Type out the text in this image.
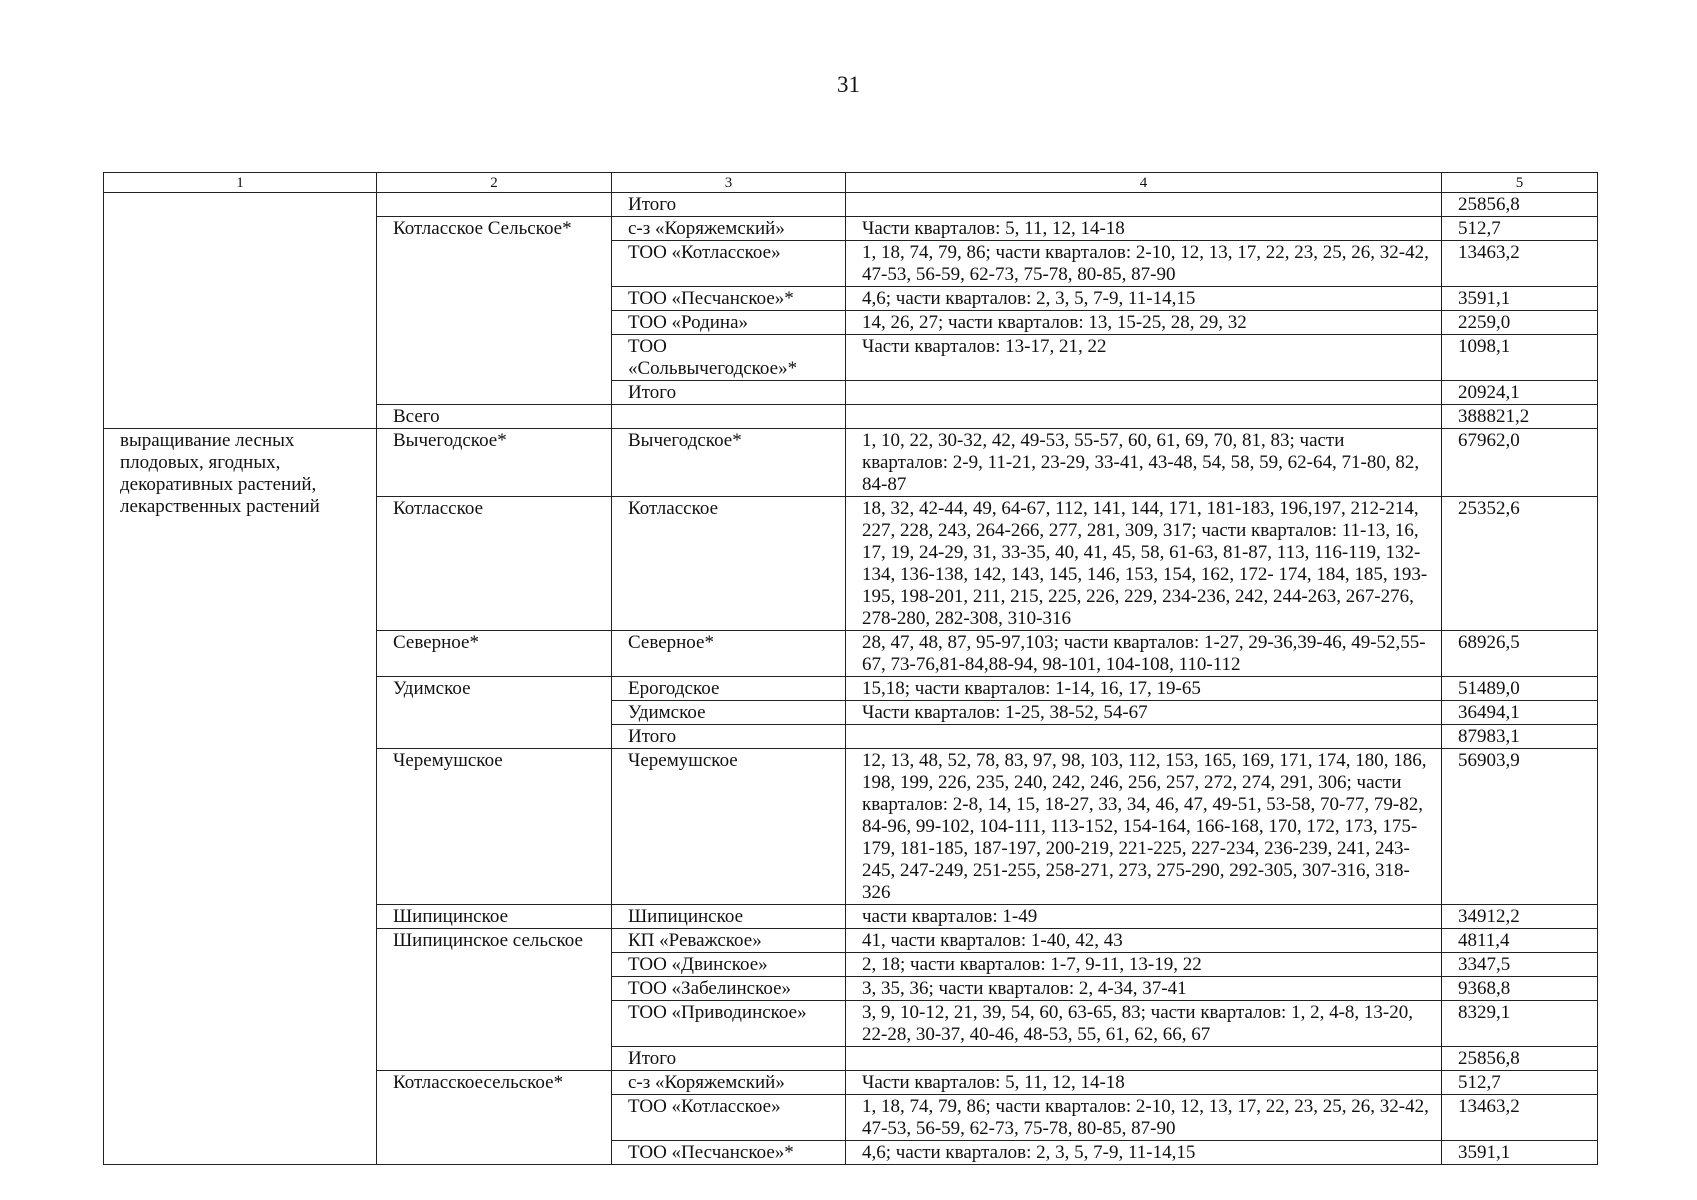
31
1	2	3	4	5
		Итого		25856,8
	Котласское Сельское*	с-з «Коряжемский»	Части кварталов: 5, 11, 12, 14-18	512,7
		ТОО «Котласское»	1, 18, 74, 79, 86; части кварталов: 2-10, 12, 13, 17, 22, 23, 25, 26, 32-42, 47-53, 56-59, 62-73, 75-78, 80-85, 87-90	13463,2
		ТОО «Песчанское»*	4,6; части кварталов: 2, 3, 5, 7-9, 11-14,15	3591,1
		ТОО «Родина»	14, 26, 27; части кварталов: 13, 15-25, 28, 29, 32	2259,0
		ТОО «Сольвычегодское»*	Части кварталов: 13-17, 21, 22	1098,1
		Итого		20924,1
	Всего			388821,2
выращивание лесных плодовых, ягодных, декоративных растений, лекарственных растений	Вычегодское*	Вычегодское*	1, 10, 22, 30-32, 42, 49-53, 55-57, 60, 61, 69, 70, 81, 83; части кварталов: 2-9, 11-21, 23-29, 33-41, 43-48, 54, 58, 59, 62-64, 71-80, 82, 84-87	67962,0
	Котласское	Котласское	18, 32, 42-44, 49, 64-67, 112, 141, 144, 171, 181-183, 196,197, 212-214, 227, 228, 243, 264-266, 277, 281, 309, 317; части кварталов: 11-13, 16, 17, 19, 24-29, 31, 33-35, 40, 41, 45, 58, 61-63, 81-87, 113, 116-119, 132-134, 136-138, 142, 143, 145, 146, 153, 154, 162, 172- 174, 184, 185, 193-195, 198-201, 211, 215, 225, 226, 229, 234-236, 242, 244-263, 267-276, 278-280, 282-308, 310-316	25352,6
	Северное*	Северное*	28, 47, 48, 87, 95-97,103; части кварталов: 1-27, 29-36,39-46, 49-52,55-67, 73-76,81-84,88-94, 98-101, 104-108, 110-112	68926,5
	Удимское	Ерогодское	15,18; части кварталов: 1-14, 16, 17, 19-65	51489,0
		Удимское	Части кварталов: 1-25, 38-52, 54-67	36494,1
		Итого		87983,1
	Черемушское	Черемушское	12, 13, 48, 52, 78, 83, 97, 98, 103, 112, 153, 165, 169, 171, 174, 180, 186, 198, 199, 226, 235, 240, 242, 246, 256, 257, 272, 274, 291, 306; части кварталов: 2-8, 14, 15, 18-27, 33, 34, 46, 47, 49-51, 53-58, 70-77, 79-82, 84-96, 99-102, 104-111, 113-152, 154-164, 166-168, 170, 172, 173, 175-179, 181-185, 187-197, 200-219, 221-225, 227-234, 236-239, 241, 243-245, 247-249, 251-255, 258-271, 273, 275-290, 292-305, 307-316, 318-326	56903,9
	Шипицинское	Шипицинское	части кварталов: 1-49	34912,2
	Шипицинское сельское	КП «Реважское»	41, части кварталов: 1-40, 42, 43	4811,4
		ТОО «Двинское»	2, 18; части кварталов: 1-7, 9-11, 13-19, 22	3347,5
		ТОО «Забелинское»	3, 35, 36; части кварталов: 2, 4-34, 37-41	9368,8
		ТОО «Приводинское»	3, 9, 10-12, 21, 39, 54, 60, 63-65, 83; части кварталов: 1, 2, 4-8, 13-20, 22-28, 30-37, 40-46, 48-53, 55, 61, 62, 66, 67	8329,1
		Итого		25856,8
	Котласскоесельское*	с-з «Коряжемский»	Части кварталов: 5, 11, 12, 14-18	512,7
		ТОО «Котласское»	1, 18, 74, 79, 86; части кварталов: 2-10, 12, 13, 17, 22, 23, 25, 26, 32-42, 47-53, 56-59, 62-73, 75-78, 80-85, 87-90	13463,2
		ТОО «Песчанское»*	4,6; части кварталов: 2, 3, 5, 7-9, 11-14,15	3591,1
